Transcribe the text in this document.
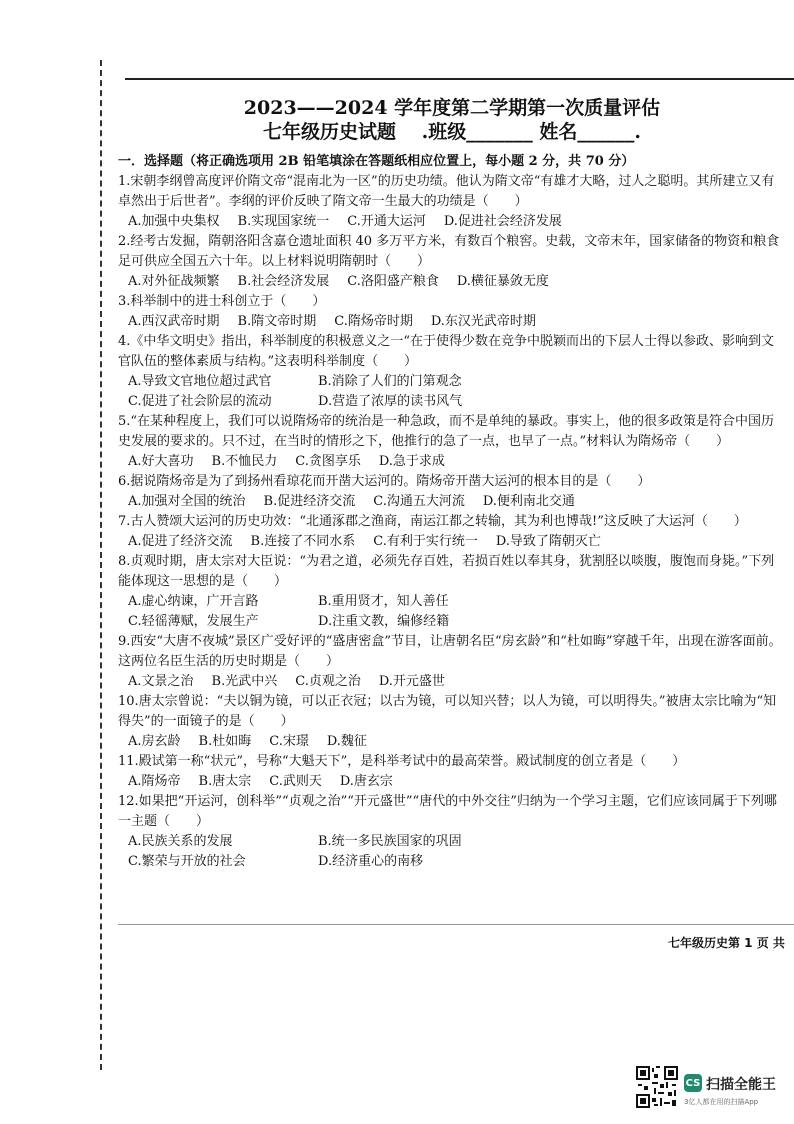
2023——2024 学年度第二学期第一次质量评估
七年级历史试题　 .班级_______ 姓名______.

一．选择题（将正确选项用 2B 铅笔填涂在答题纸相应位置上，每小题 2 分，共 70 分）

1.宋朝李纲曾高度评价隋文帝“混南北为一区”的历史功绩。他认为隋文帝“有雄才大略，过人之聪明。其所建立又有卓然出于后世者”。李纲的评价反映了隋文帝一生最大的功绩是（　　）

A.加强中央集权 B.实现国家统一 C.开通大运河 D.促进社会经济发展

2.经考古发掘，隋朝洛阳含嘉仓遗址面积 40 多万平方米，有数百个粮窖。史载，文帝末年，国家储备的物资和粮食足可供应全国五六十年。以上材料说明隋朝时（　　）

A.对外征战频繁 B.社会经济发展 C.洛阳盛产粮食 D.横征暴敛无度

3.科举制中的进士科创立于（　　）

A.西汉武帝时期 B.隋文帝时期 C.隋炀帝时期 D.东汉光武帝时期

4.《中华文明史》指出，科举制度的积极意义之一“在于使得少数在竞争中脱颖而出的下层人士得以参政、影响到文官队伍的整体素质与结构。”这表明科举制度（　　）

A.导致文官地位超过武官	B.消除了人们的门第观念
C.促进了社会阶层的流动	D.营造了浓厚的读书风气

5.“在某种程度上，我们可以说隋炀帝的统治是一种急政，而不是单纯的暴政。事实上，他的很多政策是符合中国历史发展的要求的。只不过，在当时的情形之下，他推行的急了一点，也早了一点。”材料认为隋炀帝（　　）

A.好大喜功 B.不恤民力 C.贪图享乐 D.急于求成

6.据说隋炀帝是为了到扬州看琼花而开凿大运河的。隋炀帝开凿大运河的根本目的是（　　）

A.加强对全国的统治 B.促进经济交流 C.沟通五大河流 D.便利南北交通

7.古人赞颂大运河的历史功效：“北通涿郡之渔商，南运江都之转输，其为利也博哉!”这反映了大运河（　　）

A.促进了经济交流 B.连接了不同水系 C.有利于实行统一 D.导致了隋朝灭亡

8.贞观时期，唐太宗对大臣说：“为君之道，必须先存百姓，若损百姓以奉其身，犹割胫以啖腹，腹饱而身毙。”下列能体现这一思想的是（　　）

A.虚心纳谏，广开言路	B.重用贤才，知人善任
C.轻徭薄赋，发展生产	D.注重文教，编修经籍

9.西安“大唐不夜城”景区广受好评的“盛唐密盒”节目，让唐朝名臣“房玄龄”和“杜如晦”穿越千年，出现在游客面前。这两位名臣生活的历史时期是（　　）

A.文景之治 B.光武中兴 C.贞观之治 D.开元盛世

10.唐太宗曾说：“夫以铜为镜，可以正衣冠；以古为镜，可以知兴替；以人为镜，可以明得失。”被唐太宗比喻为“知得失”的一面镜子的是（　　）

A.房玄龄 B.杜如晦 C.宋璟 D.魏征

11.殿试第一称“状元”，号称“大魁天下”，是科举考试中的最高荣誉。殿试制度的创立者是（　　）

A.隋炀帝 B.唐太宗 C.武则天 D.唐玄宗

12.如果把“开运河，创科举”“贞观之治”“开元盛世”“唐代的中外交往”归纳为一个学习主题，它们应该同属于下列哪一主题（　　）

A.民族关系的发展	B.统一多民族国家的巩固
C.繁荣与开放的社会	D.经济重心的南移
七年级历史第 1 页 共
CS 扫描全能王
3亿人都在用的扫描App
